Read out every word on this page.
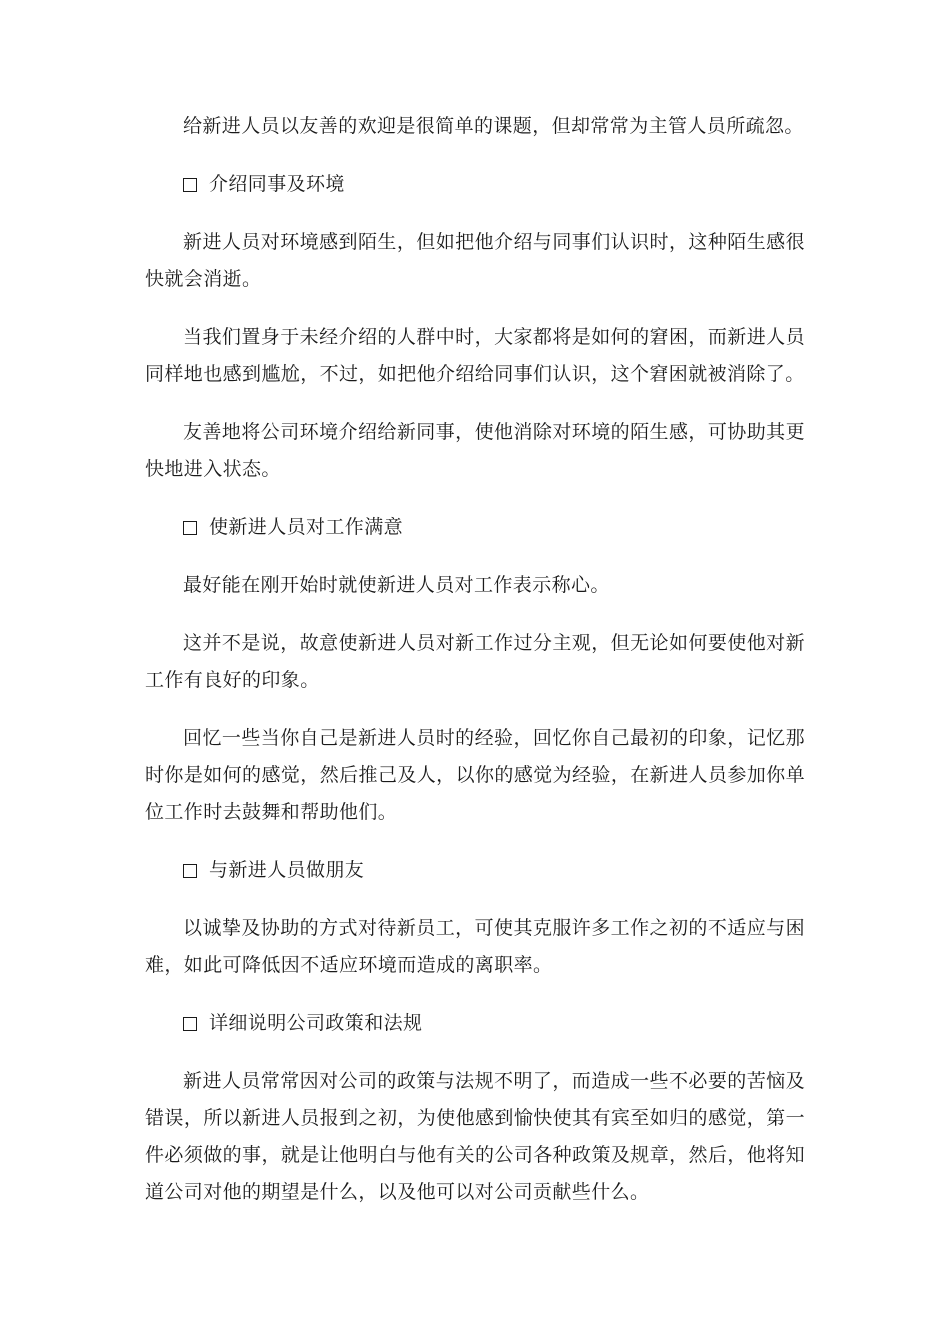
给新进人员以友善的欢迎是很简单的课题，但却常常为主管人员所疏忽。

介绍同事及环境

新进人员对环境感到陌生，但如把他介绍与同事们认识时，这种陌生感很快就会消逝。

当我们置身于未经介绍的人群中时，大家都将是如何的窘困，而新进人员同样地也感到尴尬，不过，如把他介绍给同事们认识，这个窘困就被消除了。

友善地将公司环境介绍给新同事，使他消除对环境的陌生感，可协助其更快地进入状态。

使新进人员对工作满意

最好能在刚开始时就使新进人员对工作表示称心。

这并不是说，故意使新进人员对新工作过分主观，但无论如何要使他对新工作有良好的印象。

回忆一些当你自己是新进人员时的经验，回忆你自己最初的印象，记忆那时你是如何的感觉，然后推己及人，以你的感觉为经验，在新进人员参加你单位工作时去鼓舞和帮助他们。

与新进人员做朋友

以诚挚及协助的方式对待新员工，可使其克服许多工作之初的不适应与困难，如此可降低因不适应环境而造成的离职率。

详细说明公司政策和法规

新进人员常常因对公司的政策与法规不明了，而造成一些不必要的苦恼及错误，所以新进人员报到之初，为使他感到愉快使其有宾至如归的感觉，第一件必须做的事，就是让他明白与他有关的公司各种政策及规章，然后，他将知道公司对他的期望是什么，以及他可以对公司贡献些什么。
